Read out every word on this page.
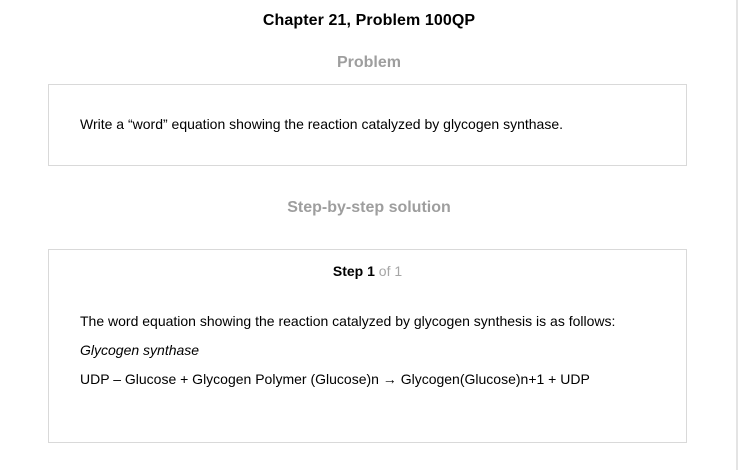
Chapter 21, Problem 100QP
Problem
Write a “word” equation showing the reaction catalyzed by glycogen synthase.
Step-by-step solution
Step 1 of 1
The word equation showing the reaction catalyzed by glycogen synthesis is as follows:
Glycogen synthase
UDP – Glucose + Glycogen Polymer (Glucose)n → Glycogen(Glucose)n+1 + UDP
